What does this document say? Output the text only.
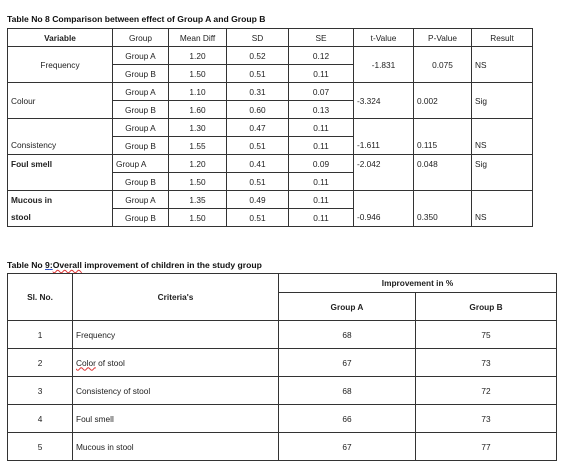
Table No 8 Comparison between effect of Group A and Group B
Variable	Group	Mean Diff	SD	SE	t-Value	P-Value	Result
Frequency	Group A	1.20	0.52	0.12	-1.831	0.075	NS
	Group B	1.50	0.51	0.11			
Colour	Group A	1.10	0.31	0.07	-3.324	0.002	Sig
	Group B	1.60	0.60	0.13			
	Group A	1.30	0.47	0.11			
Consistency	Group B	1.55	0.51	0.11	-1.611	0.115	NS
Foul smell	Group A	1.20	0.41	0.09	-2.042	0.048	Sig
	Group B	1.50	0.51	0.11			
Mucous in	Group A	1.35	0.49	0.11			
stool	Group B	1.50	0.51	0.11	-0.946	0.350	NS
Table No 9:Overall improvement of children in the study group
Sl. No.	Criteria's	Improvement in %	
		Group A	Group B
1	Frequency	68	75
2	Color of stool	67	73
3	Consistency of stool	68	72
4	Foul smell	66	73
5	Mucous in stool	67	77
